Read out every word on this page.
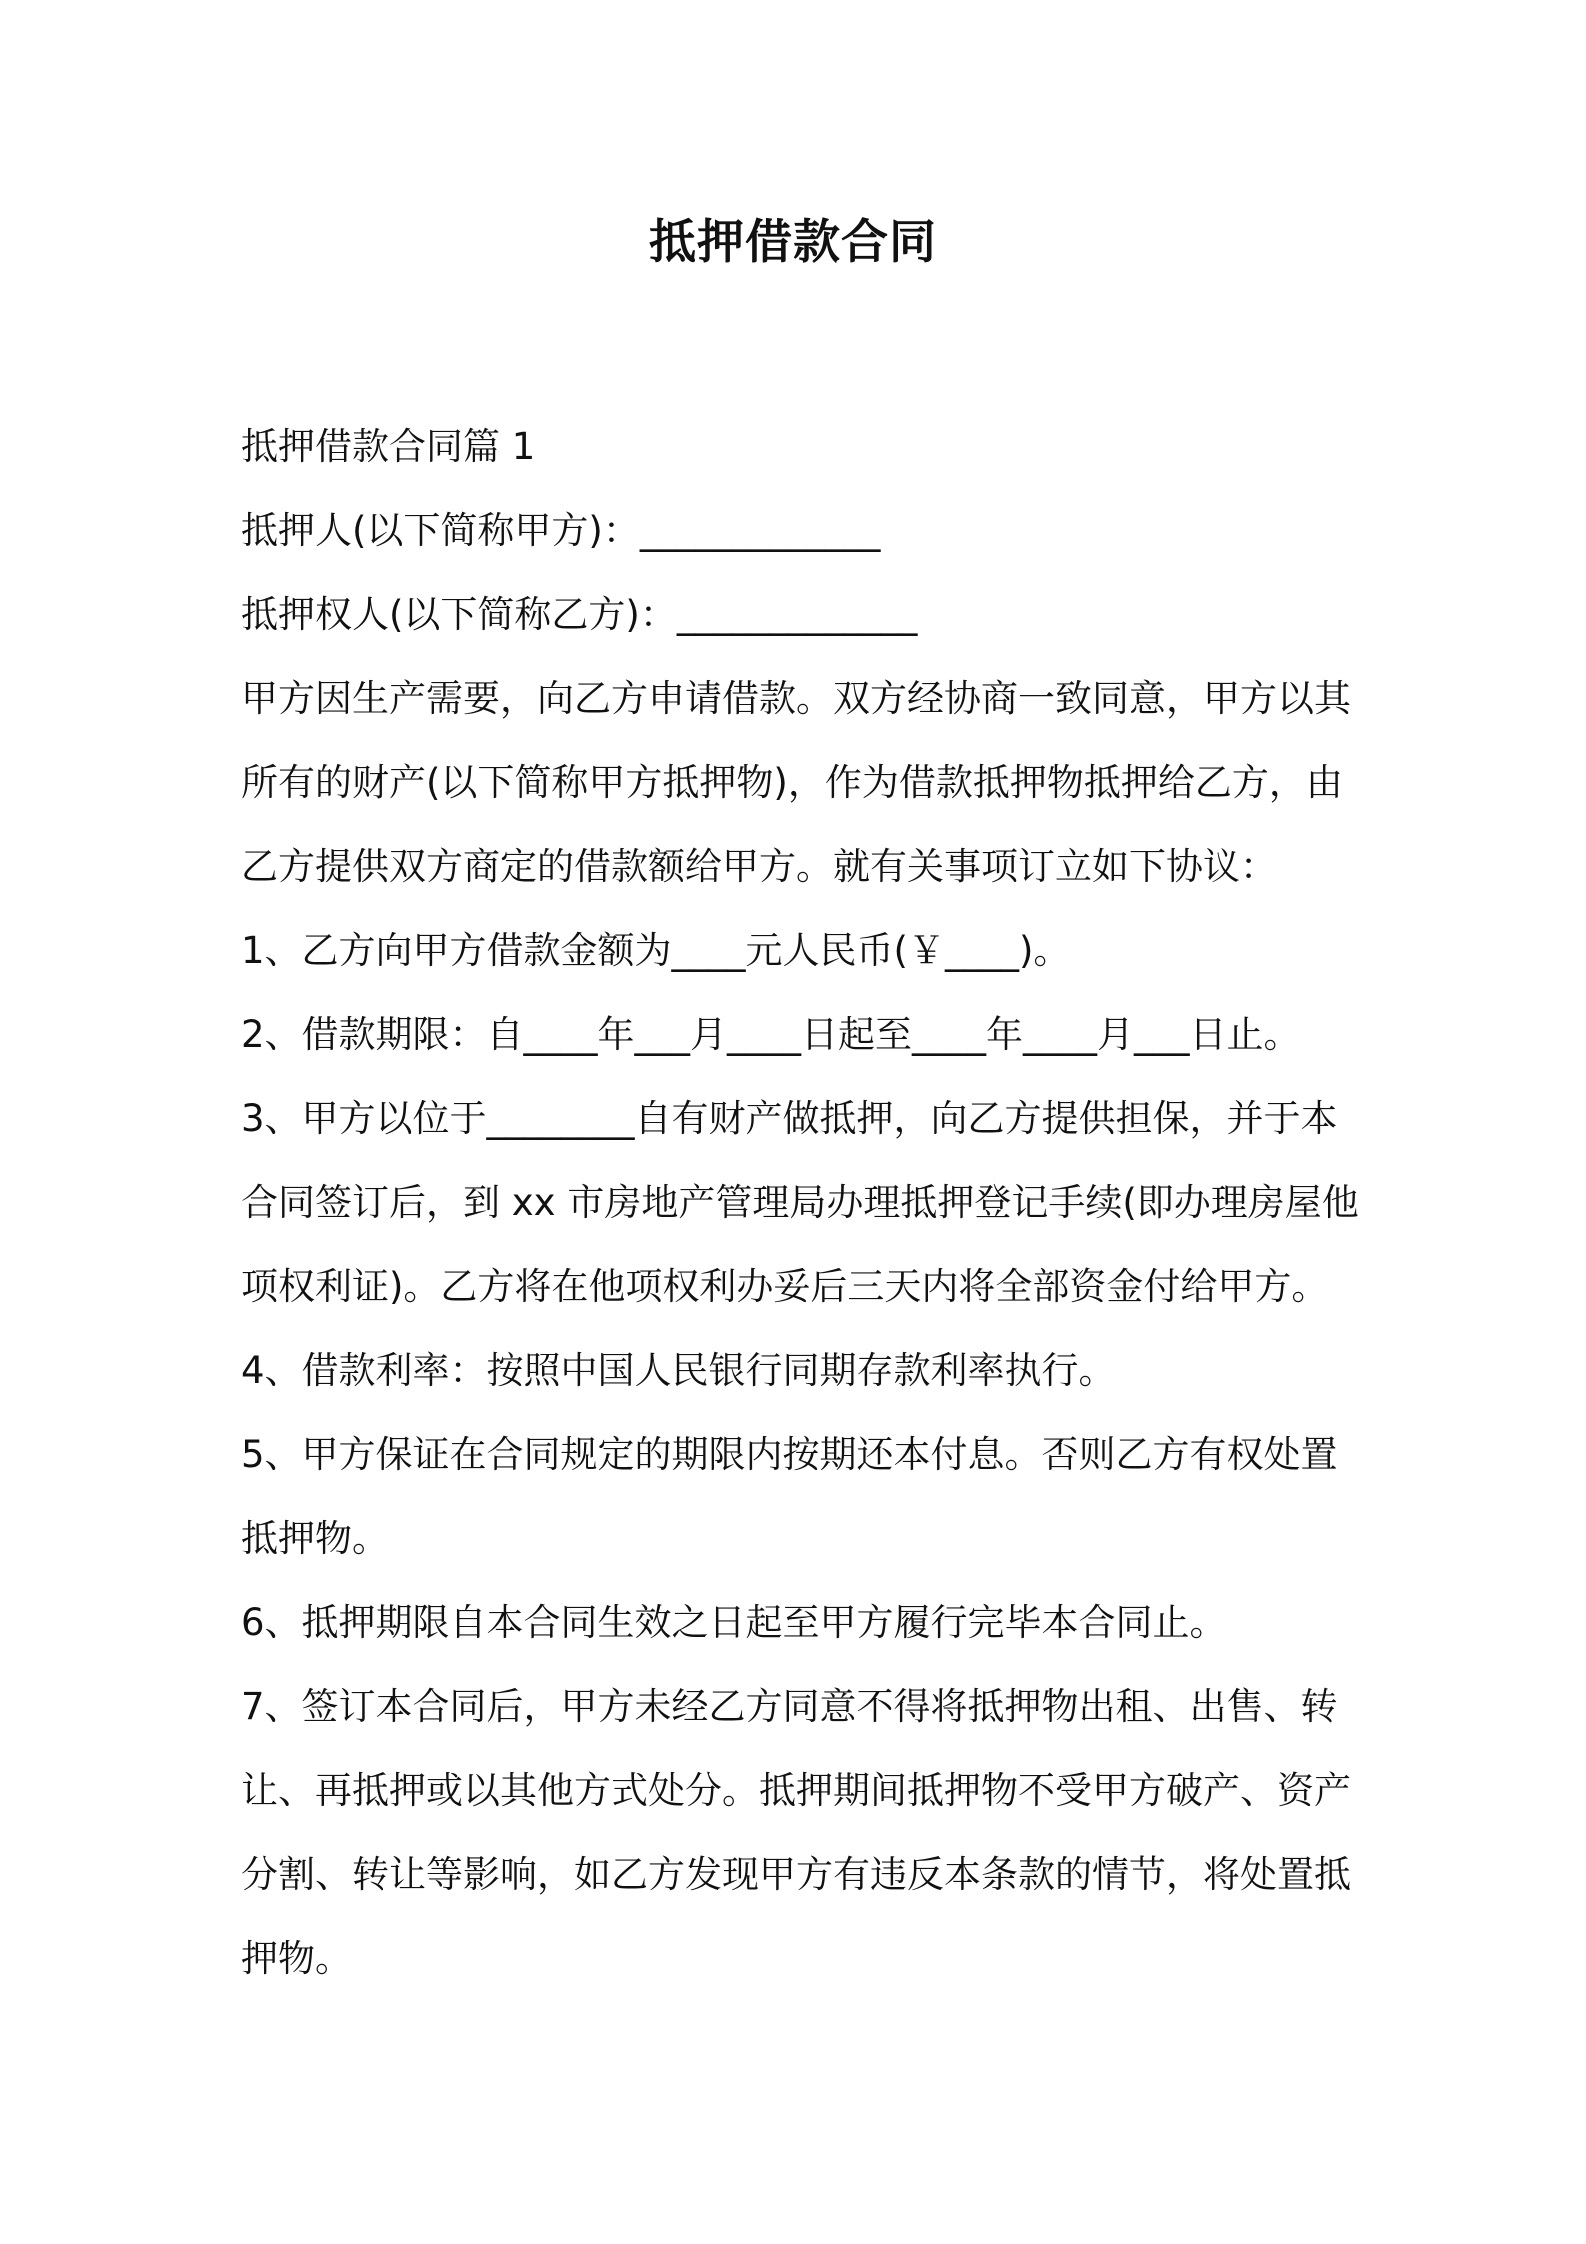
抵押借款合同
抵押借款合同篇 1
抵押人(以下简称甲方)：_____________
抵押权人(以下简称乙方)：_____________
甲方因生产需要，向乙方申请借款。双方经协商一致同意，甲方以其
所有的财产(以下简称甲方抵押物)，作为借款抵押物抵押给乙方，由
乙方提供双方商定的借款额给甲方。就有关事项订立如下协议：
1、乙方向甲方借款金额为____元人民币(￥____)。
2、借款期限：自____年___月____日起至____年____月___日止。
3、甲方以位于________自有财产做抵押，向乙方提供担保，并于本
合同签订后，到 xx 市房地产管理局办理抵押登记手续(即办理房屋他
项权利证)。乙方将在他项权利办妥后三天内将全部资金付给甲方。
4、借款利率：按照中国人民银行同期存款利率执行。
5、甲方保证在合同规定的期限内按期还本付息。否则乙方有权处置
抵押物。
6、抵押期限自本合同生效之日起至甲方履行完毕本合同止。
7、签订本合同后，甲方未经乙方同意不得将抵押物出租、出售、转
让、再抵押或以其他方式处分。抵押期间抵押物不受甲方破产、资产
分割、转让等影响，如乙方发现甲方有违反本条款的情节，将处置抵
押物。
